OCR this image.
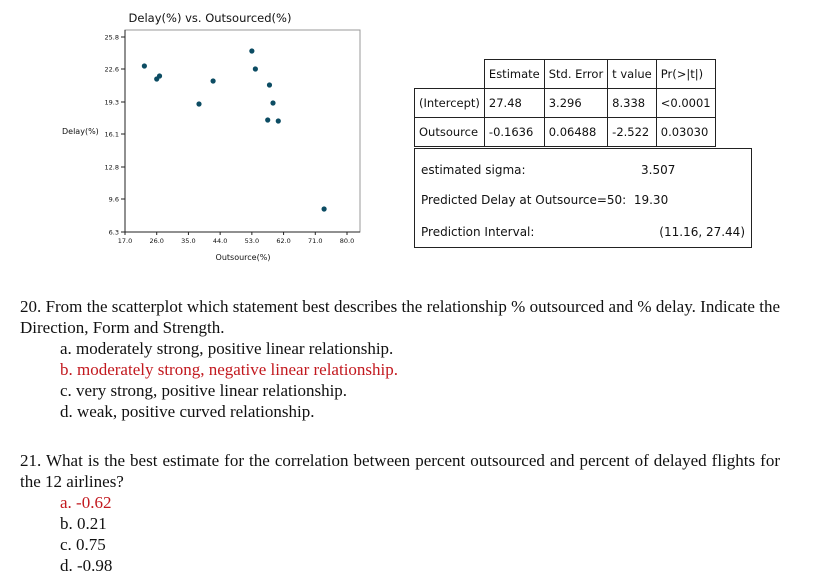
Delay(%) vs. Outsourced(%)
25.8
22.6
19.3
16.1
12.8
9.6
6.3
17.0	26.0	35.0	44.0	53.0	62.0	71.0	80.0
Delay(%)
Outsource(%)
	Estimate	Std. Error	t value	Pr(>|t|)
(Intercept)	27.48	3.296	8.338	<0.0001
Outsource	-0.1636	0.06488	-2.522	0.03030
estimated sigma:	3.507
Predicted Delay at Outsource=50:  19.30
Prediction Interval:	(11.16, 27.44)
20. From the scatterplot which statement best describes the relationship % outsourced and % delay. Indicate the Direction, Form and Strength.
a. moderately strong, positive linear relationship.
b. moderately strong, negative linear relationship.
c. very strong, positive linear relationship.
d. weak, positive curved relationship.
21. What is the best estimate for the correlation between percent outsourced and percent of delayed flights for the 12 airlines?
a. -0.62
b. 0.21
c. 0.75
d. -0.98
